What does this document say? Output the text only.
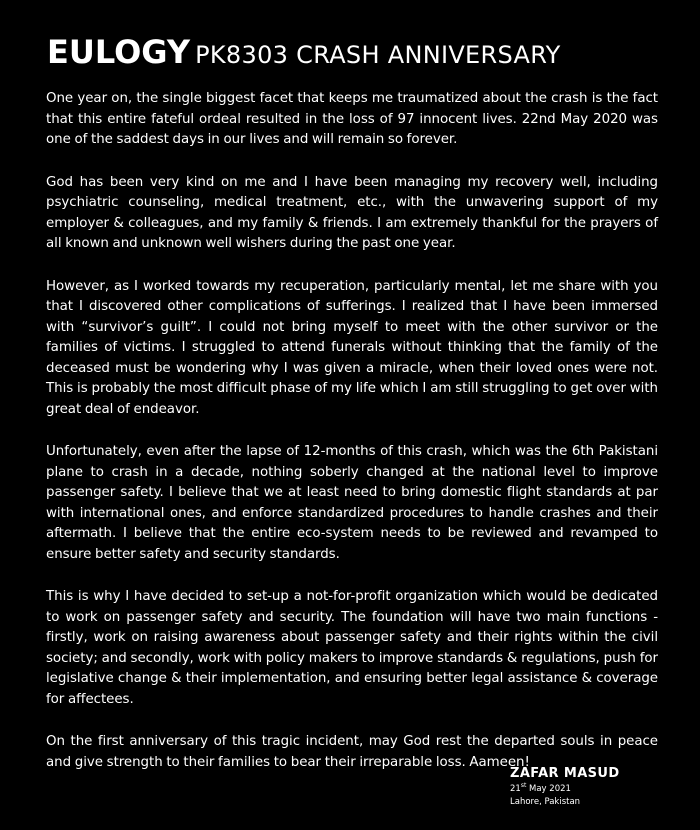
EULOGY PK8303 CRASH ANNIVERSARY

One year on, the single biggest facet that keeps me traumatized about the crash is the fact that this entire fateful ordeal resulted in the loss of 97 innocent lives. 22nd May 2020 was one of the saddest days in our lives and will remain so forever.

God has been very kind on me and I have been managing my recovery well, including psychiatric counseling, medical treatment, etc., with the unwavering support of my employer & colleagues, and my family & friends. I am extremely thankful for the prayers of all known and unknown well wishers during the past one year.

However, as I worked towards my recuperation, particularly mental, let me share with you that I discovered other complications of sufferings. I realized that I have been immersed with “survivor’s guilt”. I could not bring myself to meet with the other survivor or the families of victims. I struggled to attend funerals without thinking that the family of the deceased must be wondering why I was given a miracle, when their loved ones were not. This is probably the most difficult phase of my life which I am still struggling to get over with great deal of endeavor.

Unfortunately, even after the lapse of 12-months of this crash, which was the 6th Pakistani plane to crash in a decade, nothing soberly changed at the national level to improve passenger safety. I believe that we at least need to bring domestic flight standards at par with international ones, and enforce standardized procedures to handle crashes and their aftermath. I believe that the entire eco-system needs to be reviewed and revamped to ensure better safety and security standards.

This is why I have decided to set-up a not-for-profit organization which would be dedicated to work on passenger safety and security. The foundation will have two main functions - firstly, work on raising awareness about passenger safety and their rights within the civil society; and secondly, work with policy makers to improve standards & regulations, push for legislative change & their implementation, and ensuring better legal assistance & coverage for affectees.

On the first anniversary of this tragic incident, may God rest the departed souls in peace and give strength to their families to bear their irreparable loss. Aameen!

ZAFAR MASUD
21st May 2021
Lahore, Pakistan
